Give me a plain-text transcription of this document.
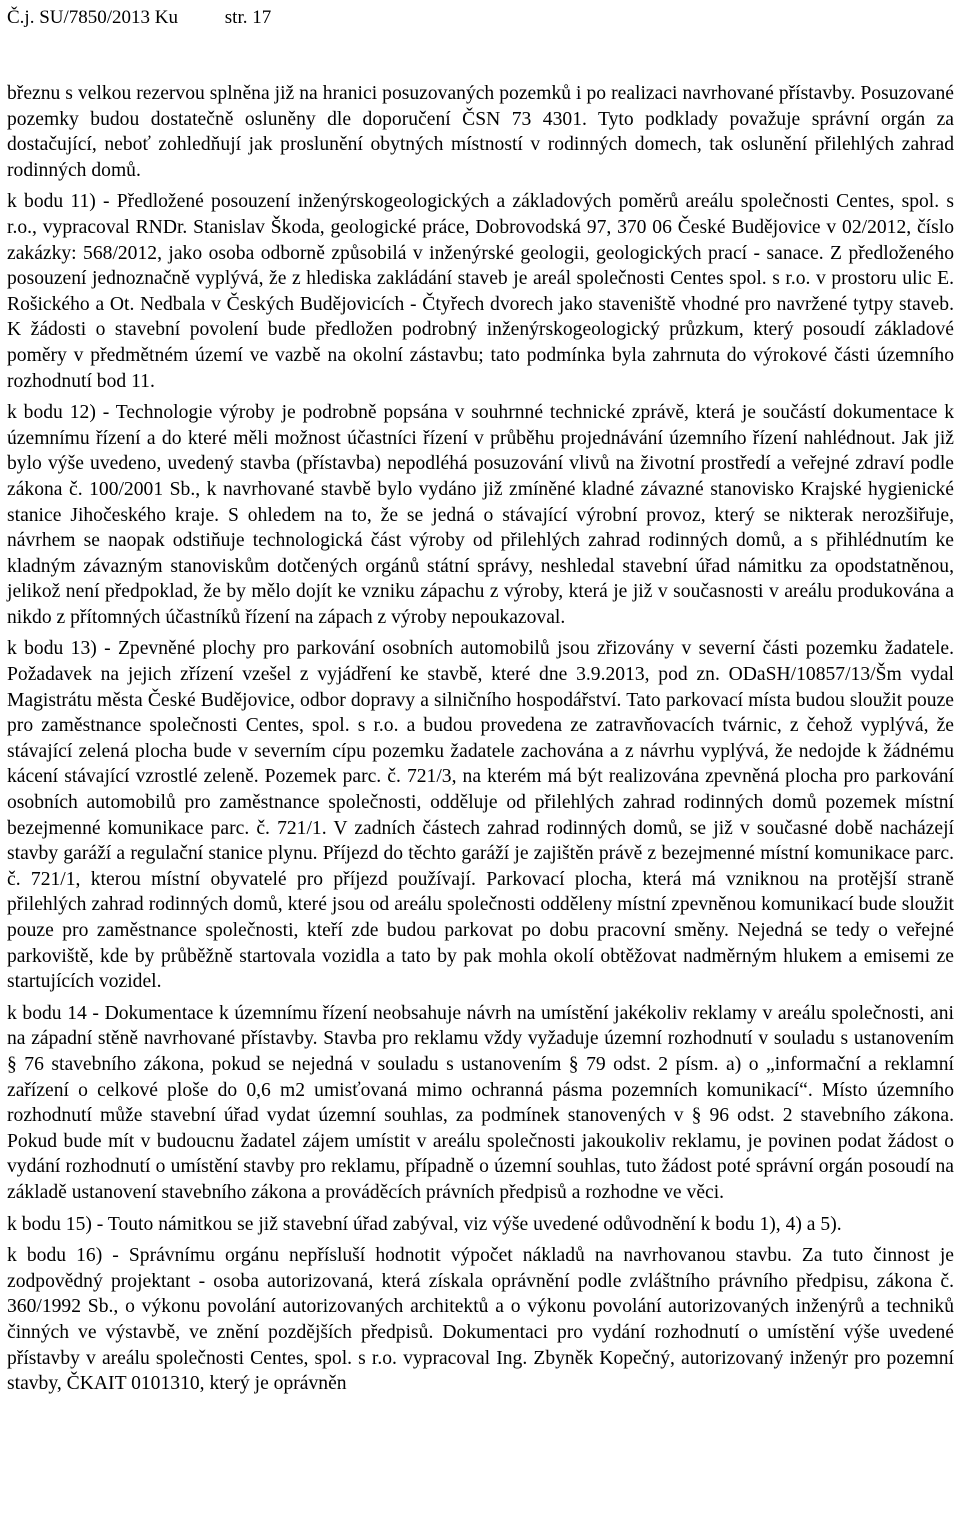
Č.j. SU/7850/2013 Ku str. 17

březnu s velkou rezervou splněna již na hranici posuzovaných pozemků i po realizaci navrhované přístavby. Posuzované pozemky budou dostatečně osluněny dle doporučení ČSN 73 4301. Tyto podklady považuje správní orgán za dostačující, neboť zohledňují jak proslunění obytných místností v rodinných domech, tak oslunění přilehlých zahrad rodinných domů.

k bodu 11) - Předložené posouzení inženýrskogeologických a základových poměrů areálu společnosti Centes, spol. s r.o., vypracoval RNDr. Stanislav Škoda, geologické práce, Dobrovodská 97, 370 06 České Budějovice v 02/2012, číslo zakázky: 568/2012, jako osoba odborně způsobilá v inženýrské geologii, geologických prací - sanace. Z předloženého posouzení jednoznačně vyplývá, že z hlediska zakládání staveb je areál společnosti Centes spol. s r.o. v prostoru ulic E. Rošického a Ot. Nedbala v Českých Budějovicích - Čtyřech dvorech jako staveniště vhodné pro navržené tytpy staveb. K žádosti o stavební povolení bude předložen podrobný inženýrskogeologický průzkum, který posoudí základové poměry v předmětném území ve vazbě na okolní zástavbu; tato podmínka byla zahrnuta do výrokové části územního rozhodnutí bod 11.

k bodu 12) - Technologie výroby je podrobně popsána v souhrnné technické zprávě, která je součástí dokumentace k územnímu řízení a do které měli možnost účastníci řízení v průběhu projednávání územního řízení nahlédnout. Jak již bylo výše uvedeno, uvedený stavba (přístavba) nepodléhá posuzování vlivů na životní prostředí a veřejné zdraví podle zákona č. 100/2001 Sb., k navrhované stavbě bylo vydáno již zmíněné kladné závazné stanovisko Krajské hygienické stanice Jihočeského kraje. S ohledem na to, že se jedná o stávající výrobní provoz, který se nikterak nerozšiřuje, návrhem se naopak odstiňuje technologická část výroby od přilehlých zahrad rodinných domů, a s přihlédnutím ke kladným závazným stanoviskům dotčených orgánů státní správy, neshledal stavební úřad námitku za opodstatněnou, jelikož není předpoklad, že by mělo dojít ke vzniku zápachu z výroby, která je již v současnosti v areálu produkována a nikdo z přítomných účastníků řízení na zápach z výroby nepoukazoval.

k bodu 13) - Zpevněné plochy pro parkování osobních automobilů jsou zřizovány v severní části pozemku žadatele. Požadavek na jejich zřízení vzešel z vyjádření ke stavbě, které dne 3.9.2013, pod zn. ODaSH/10857/13/Šm vydal Magistrátu města České Budějovice, odbor dopravy a silničního hospodářství. Tato parkovací místa budou sloužit pouze pro zaměstnance společnosti Centes, spol. s r.o. a budou provedena ze zatravňovacích tvárnic, z čehož vyplývá, že stávající zelená plocha bude v severním cípu pozemku žadatele zachována a z návrhu vyplývá, že nedojde k žádnému kácení stávající vzrostlé zeleně. Pozemek parc. č. 721/3, na kterém má být realizována zpevněná plocha pro parkování osobních automobilů pro zaměstnance společnosti, odděluje od přilehlých zahrad rodinných domů pozemek místní bezejmenné komunikace parc. č. 721/1. V zadních částech zahrad rodinných domů, se již v současné době nacházejí stavby garáží a regulační stanice plynu. Příjezd do těchto garáží je zajištěn právě z bezejmenné místní komunikace parc. č. 721/1, kterou místní obyvatelé pro příjezd používají. Parkovací plocha, která má vzniknou na protější straně přilehlých zahrad rodinných domů, které jsou od areálu společnosti odděleny místní zpevněnou komunikací bude sloužit pouze pro zaměstnance společnosti, kteří zde budou parkovat po dobu pracovní směny. Nejedná se tedy o veřejné parkoviště, kde by průběžně startovala vozidla a tato by pak mohla okolí obtěžovat nadměrným hlukem a emisemi ze startujících vozidel.

k bodu 14 - Dokumentace k územnímu řízení neobsahuje návrh na umístění jakékoliv reklamy v areálu společnosti, ani na západní stěně navrhované přístavby. Stavba pro reklamu vždy vyžaduje územní rozhodnutí v souladu s ustanovením § 76 stavebního zákona, pokud se nejedná v souladu s ustanovením § 79 odst. 2 písm. a) o „informační a reklamní zařízení o celkové ploše do 0,6 m2 umisťovaná mimo ochranná pásma pozemních komunikací“. Místo územního rozhodnutí může stavební úřad vydat územní souhlas, za podmínek stanovených v § 96 odst. 2 stavebního zákona. Pokud bude mít v budoucnu žadatel zájem umístit v areálu společnosti jakoukoliv reklamu, je povinen podat žádost o vydání rozhodnutí o umístění stavby pro reklamu, případně o územní souhlas, tuto žádost poté správní orgán posoudí na základě ustanovení stavebního zákona a prováděcích právních předpisů a rozhodne ve věci.

k bodu 15) - Touto námitkou se již stavební úřad zabýval, viz výše uvedené odůvodnění k bodu 1), 4) a 5).

k bodu 16) - Správnímu orgánu nepřísluší hodnotit výpočet nákladů na navrhovanou stavbu. Za tuto činnost je zodpovědný projektant - osoba autorizovaná, která získala oprávnění podle zvláštního právního předpisu, zákona č. 360/1992 Sb., o výkonu povolání autorizovaných architektů a o výkonu povolání autorizovaných inženýrů a techniků činných ve výstavbě, ve znění pozdějších předpisů. Dokumentaci pro vydání rozhodnutí o umístění výše uvedené přístavby v areálu společnosti Centes, spol. s r.o. vypracoval Ing. Zbyněk Kopečný, autorizovaný inženýr pro pozemní stavby, ČKAIT 0101310, který je oprávněn
